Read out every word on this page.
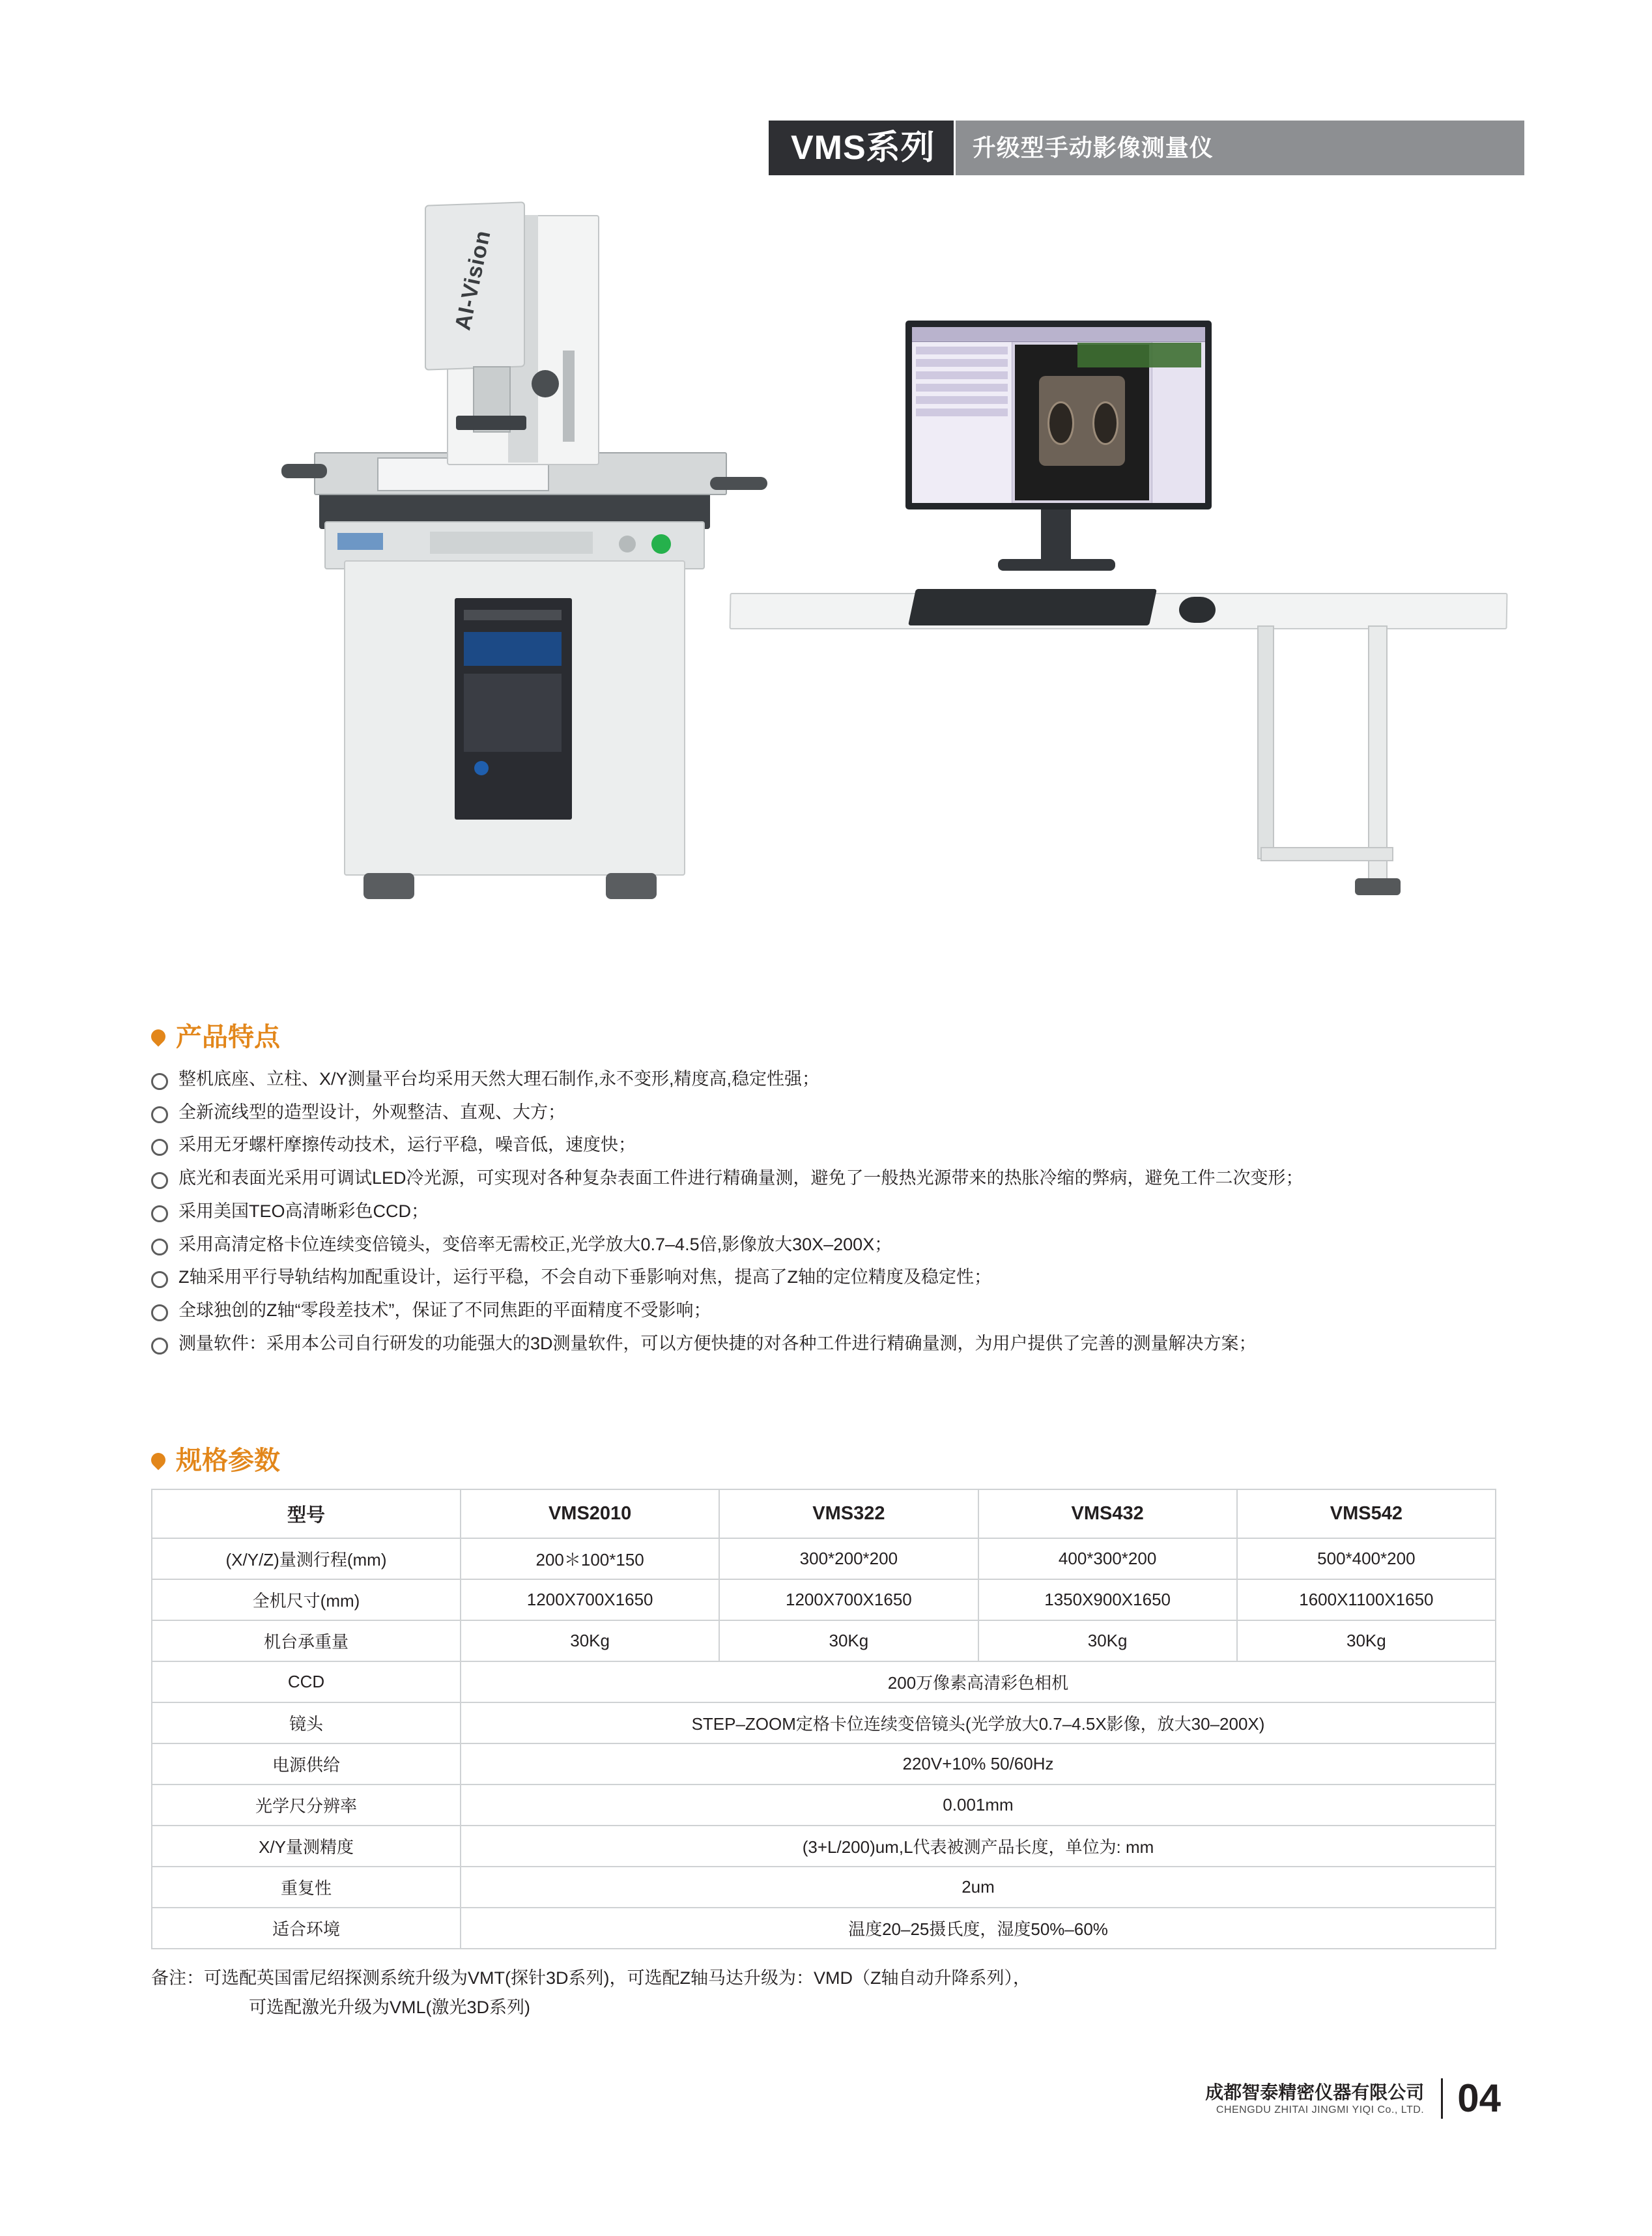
VMS系列 升级型手动影像测量仪
AI-Vision
产品特点
整机底座、立柱、X/Y测量平台均采用天然大理石制作,永不变形,精度高,稳定性强；
全新流线型的造型设计，外观整洁、直观、大方；
采用无牙螺杆摩擦传动技术，运行平稳，噪音低，速度快；
底光和表面光采用可调试LED冷光源，可实现对各种复杂表面工件进行精确量测，避免了一般热光源带来的热胀冷缩的弊病，避免工件二次变形；
采用美国TEO高清晰彩色CCD；
采用高清定格卡位连续变倍镜头，变倍率无需校正,光学放大0.7–4.5倍,影像放大30X–200X；
Z轴采用平行导轨结构加配重设计，运行平稳，不会自动下垂影响对焦，提高了Z轴的定位精度及稳定性；
全球独创的Z轴“零段差技术”，保证了不同焦距的平面精度不受影响；
测量软件：采用本公司自行研发的功能强大的3D测量软件，可以方便快捷的对各种工件进行精确量测，为用户提供了完善的测量解决方案；
规格参数
型号	VMS2010	VMS322	VMS432	VMS542
(X/Y/Z)量测行程(mm)	200＊100*150	300*200*200	400*300*200	500*400*200
全机尺寸(mm)	1200X700X1650	1200X700X1650	1350X900X1650	1600X1100X1650
机台承重量	30Kg	30Kg	30Kg	30Kg
CCD	200万像素高清彩色相机			
镜头	STEP–ZOOM定格卡位连续变倍镜头(光学放大0.7–4.5X影像，放大30–200X)			
电源供给	220V+10% 50/60Hz			
光学尺分辨率	0.001mm			
X/Y量测精度	(3+L/200)um,L代表被测产品长度，单位为: mm			
重复性	2um			
适合环境	温度20–25摄氏度，湿度50%–60%			
备注：可选配英国雷尼绍探测系统升级为VMT(探针3D系列)，可选配Z轴马达升级为：VMD（Z轴自动升降系列），
可选配激光升级为VML(激光3D系列)
成都智泰精密仪器有限公司
CHENGDU ZHITAI JINGMI YIQI Co., LTD. 04
